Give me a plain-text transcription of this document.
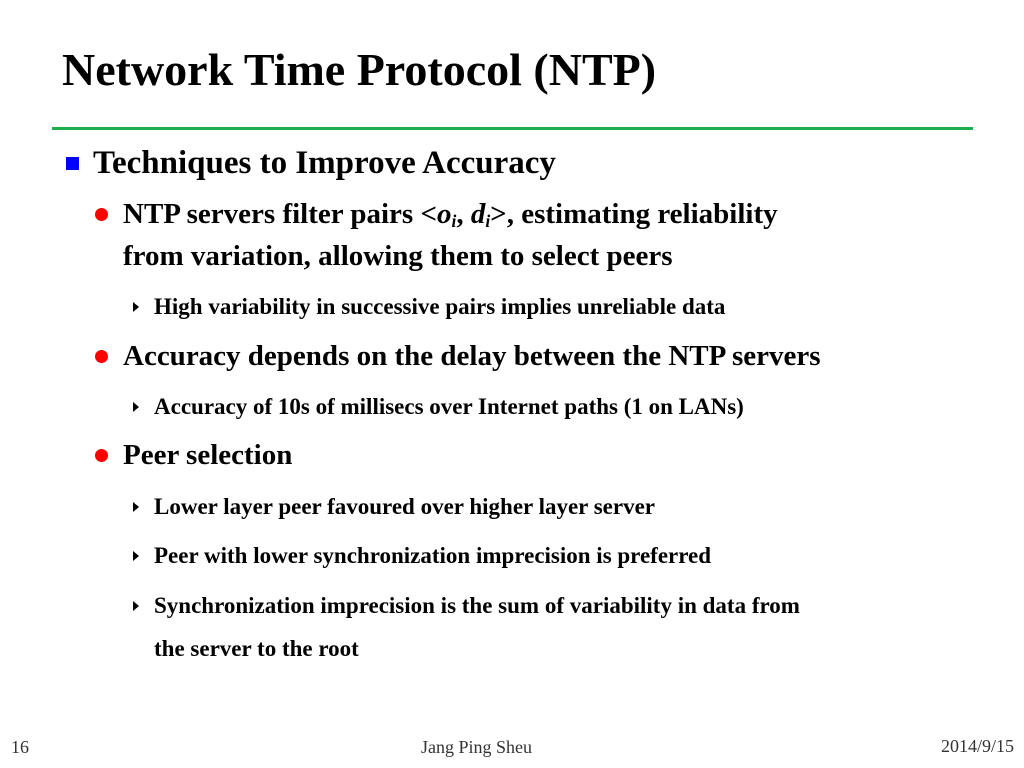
Network Time Protocol (NTP)
Techniques to Improve Accuracy
NTP servers filter pairs $<o_i$, $d_i>$, estimating reliability
from variation, allowing them to select peers
High variability in successive pairs implies unreliable data
Accuracy depends on the delay between the NTP servers
Accuracy of 10s of millisecs over Internet paths (1 on LANs)
Peer selection
Lower layer peer favoured over higher layer server
Peer with lower synchronization imprecision is preferred
Synchronization imprecision is the sum of variability in data from
the server to the root
16	Jang Ping Sheu	2014/9/15
